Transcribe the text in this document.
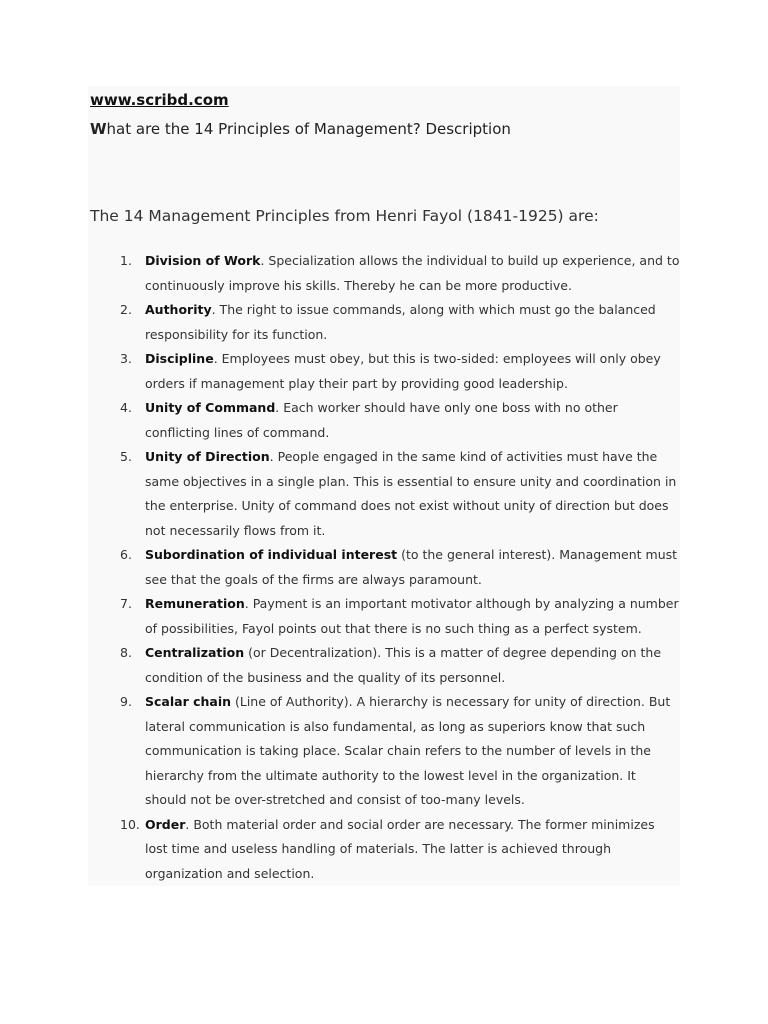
www.scribd.com
What are the 14 Principles of Management? Description
The 14 Management Principles from Henri Fayol (1841-1925) are:
1. Division of Work. Specialization allows the individual to build up experience, and to continuously improve his skills. Thereby he can be more productive.
2. Authority. The right to issue commands, along with which must go the balanced responsibility for its function.
3. Discipline. Employees must obey, but this is two-sided: employees will only obey orders if management play their part by providing good leadership.
4. Unity of Command. Each worker should have only one boss with no other conflicting lines of command.
5. Unity of Direction. People engaged in the same kind of activities must have the same objectives in a single plan. This is essential to ensure unity and coordination in the enterprise. Unity of command does not exist without unity of direction but does not necessarily flows from it.
6. Subordination of individual interest (to the general interest). Management must see that the goals of the firms are always paramount.
7. Remuneration. Payment is an important motivator although by analyzing a number of possibilities, Fayol points out that there is no such thing as a perfect system.
8. Centralization (or Decentralization). This is a matter of degree depending on the condition of the business and the quality of its personnel.
9. Scalar chain (Line of Authority). A hierarchy is necessary for unity of direction. But lateral communication is also fundamental, as long as superiors know that such communication is taking place. Scalar chain refers to the number of levels in the hierarchy from the ultimate authority to the lowest level in the organization. It should not be over-stretched and consist of too-many levels.
10. Order. Both material order and social order are necessary. The former minimizes lost time and useless handling of materials. The latter is achieved through organization and selection.
